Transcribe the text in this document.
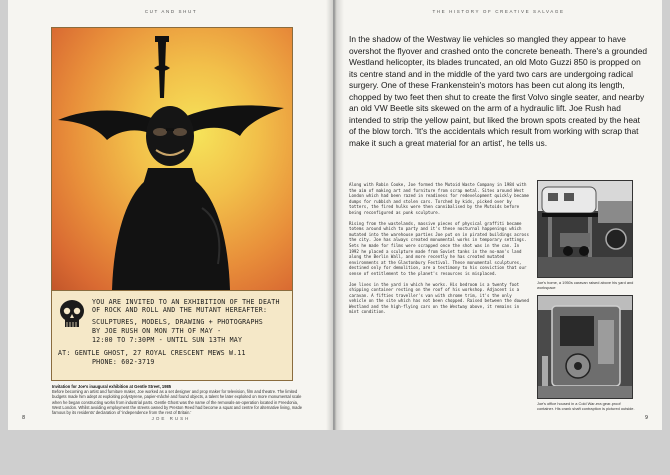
CUT AND SHUT
YOU ARE INVITED TO AN EXHIBITION OF THE DEATH
OF ROCK AND ROLL AND THE MUTANT HEREAFTER:
SCULPTURES, MODELS, DRAWING + PHOTOGRAPHS
BY JOE RUSH ON MON 7TH OF MAY -
12:00 TO 7:30PM - UNTIL SUN 13TH MAY
AT: GENTLE GHOST, 27 ROYAL CRESCENT MEWS W.11
PHONE: 602-3719
Invitation for Joe's inaugural exhibition at Gentle Street, 1985
Before becoming an artist and furniture maker, Joe worked as a set designer and prop maker for television, film and theatre. The limited budgets made him adept at exploiting polystyrene, papier-mâché and found objects, a talent he later exploited on more monumental scale when he began constructing works from industrial parts. Gentle Ghost was the name of the removals-an-operation located in Freedonia, West London. Whilst avoiding employment the streets owned by Preston Reed had become a squat and centre for alternative living, made famous by its residents' declaration of 'independence from the rest of Britain.'
8	JOE RUSH
THE HISTORY OF CREATIVE SALVAGE
In the shadow of the Westway lie vehicles so mangled they appear to have overshot the flyover and crashed onto the concrete beneath. There's a grounded Westland helicopter, its blades truncated, an old Moto Guzzi 850 is propped on its centre stand and in the middle of the yard two cars are undergoing radical surgery. One of these Frankenstein's motors has been cut along its length, chopped by two feet then shut to create the first Volvo single seater, and nearby an old VW Beetle sits skewed on the arm of a hydraulic lift. Joe Rush had intended to strip the yellow paint, but liked the brown spots created by the heat of the blow torch. 'It's the accidentals which result from working with scrap that make it such a great material for an artist', he tells us.

Along with Robin Cooke, Joe formed the Mutoid Waste Company in 1984 with the aim of making art and furniture from scrap metal. Sites around West London which had been razed in readiness for redevelopment quickly became dumps for rubbish and stolen cars. Torched by kids, picked over by totters, the fired hulks were then cannibalised by the Mutoids before being reconfigured as punk sculpture.

Rising from the wastelands, massive pieces of physical graffiti became totems around which to party and it's these nocturnal happenings which mutated into the warehouse parties Joe put on in pirated buildings across the city. Joe has always created monumental works in temporary settings. Sets he made for films were scrapped once the shot was in the can. In 1992 he placed a sculpture made from Soviet tanks in the no-man's land along the Berlin Wall, and more recently he has created mutated environments at the Glastonbury Festival. These monumental sculptures, destined only for demolition, are a testimony to his conviction that our sense of entitlement to the planet's resources is misplaced.

Joe lives in the yard in which he works. His bedroom is a twenty foot shipping container resting on the roof of his workshop. Adjacent is a caravan. A fifties traveller's van with chrome trim, it's the only vehicle on the site which has not been chopped. Raised between the downed Westland and the high-flying cars on the Westway above, it remains in mint condition.

Joe's home, a 1950s caravan raised above his yard and workspace
Joe's office housed in a Cold War-era gear-proof container. His crank shaft contraption is pictured outside.
9
